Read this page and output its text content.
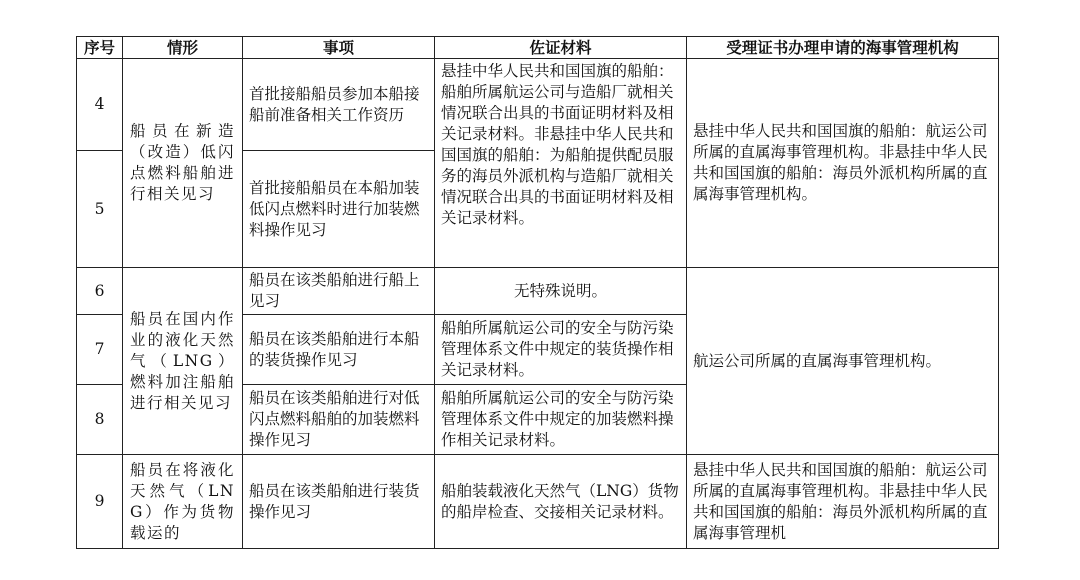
序号	情形	事项	佐证材料	受理证书办理申请的海事管理机构
4	船员在新造（改造）低闪点燃料船舶进行相关见习	首批接船船员参加本船接船前准备相关工作资历	悬挂中华人民共和国国旗的船舶：船舶所属航运公司与造船厂就相关情况联合出具的书面证明材料及相关记录材料。非悬挂中华人民共和国国旗的船舶：为船舶提供配员服务的海员外派机构与造船厂就相关情况联合出具的书面证明材料及相关记录材料。	悬挂中华人民共和国国旗的船舶：航运公司所属的直属海事管理机构。非悬挂中华人民共和国国旗的船舶：海员外派机构所属的直属海事管理机构。
5		首批接船船员在本船加装低闪点燃料时进行加装燃料操作见习		
6	船员在国内作业的液化天然气（LNG）燃料加注船舶进行相关见习	船员在该类船舶进行船上见习	无特殊说明。	航运公司所属的直属海事管理机构。
7		船员在该类船舶进行本船的装货操作见习	船舶所属航运公司的安全与防污染管理体系文件中规定的装货操作相关记录材料。	
8		船员在该类船舶进行对低闪点燃料船舶的加装燃料操作见习	船舶所属航运公司的安全与防污染管理体系文件中规定的加装燃料操作相关记录材料。	
9	船员在将液化天然气（LNG）作为货物载运的	船员在该类船舶进行装货操作见习	船舶装载液化天然气（LNG）货物的船岸检查、交接相关记录材料。	悬挂中华人民共和国国旗的船舶：航运公司所属的直属海事管理机构。非悬挂中华人民共和国国旗的船舶：海员外派机构所属的直属海事管理机
